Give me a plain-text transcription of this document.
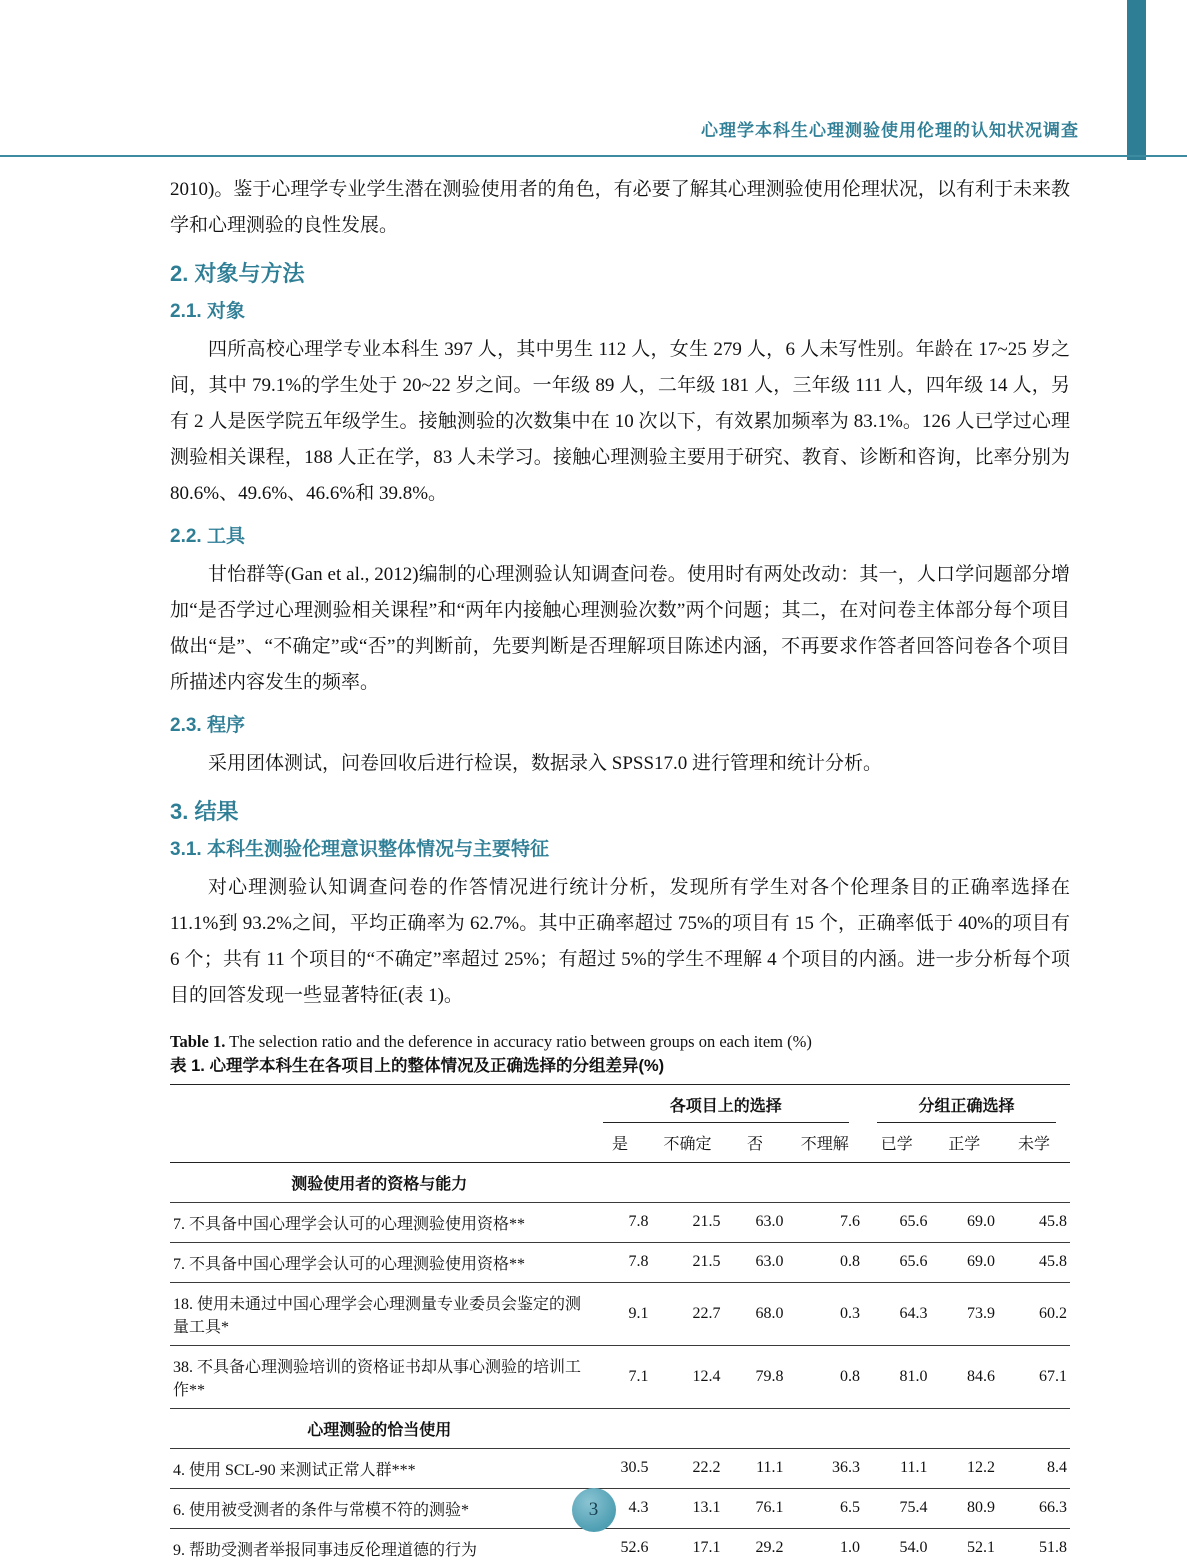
心理学本科生心理测验使用伦理的认知状况调查

2010)。鉴于心理学专业学生潜在测验使用者的角色，有必要了解其心理测验使用伦理状况，以有利于未来教学和心理测验的良性发展。

2. 对象与方法
2.1. 对象

四所高校心理学专业本科生 397 人，其中男生 112 人，女生 279 人，6 人未写性别。年龄在 17~25 岁之间，其中 79.1%的学生处于 20~22 岁之间。一年级 89 人，二年级 181 人，三年级 111 人，四年级 14 人，另有 2 人是医学院五年级学生。接触测验的次数集中在 10 次以下，有效累加频率为 83.1%。126 人已学过心理测验相关课程，188 人正在学，83 人未学习。接触心理测验主要用于研究、教育、诊断和咨询，比率分别为 80.6%、49.6%、46.6%和 39.8%。

2.2. 工具

甘怡群等(Gan et al., 2012)编制的心理测验认知调查问卷。使用时有两处改动：其一，人口学问题部分增加“是否学过心理测验相关课程”和“两年内接触心理测验次数”两个问题；其二，在对问卷主体部分每个项目做出“是”、“不确定”或“否”的判断前，先要判断是否理解项目陈述内涵，不再要求作答者回答问卷各个项目所描述内容发生的频率。

2.3. 程序

采用团体测试，问卷回收后进行检误，数据录入 SPSS17.0 进行管理和统计分析。

3. 结果
3.1. 本科生测验伦理意识整体情况与主要特征

对心理测验认知调查问卷的作答情况进行统计分析，发现所有学生对各个伦理条目的正确率选择在 11.1%到 93.2%之间，平均正确率为 62.7%。其中正确率超过 75%的项目有 15 个，正确率低于 40%的项目有 6 个；共有 11 个项目的“不确定”率超过 25%；有超过 5%的学生不理解 4 个项目的内涵。进一步分析每个项目的回答发现一些显著特征(表 1)。

Table 1. The selection ratio and the deference in accuracy ratio between groups on each item (%)
表 1. 心理学本科生在各项目上的整体情况及正确选择的分组差异(%)

	各项目上的选择				分组正确选择		

	是	不确定	否	不理解	已学	正学	未学
测验使用者的资格与能力							
7. 不具备中国心理学会认可的心理测验使用资格**	7.8	21.5	63.0	7.6	65.6	69.0	45.8
7. 不具备中国心理学会认可的心理测验使用资格**	7.8	21.5	63.0	0.8	65.6	69.0	45.8
18. 使用未通过中国心理学会心理测量专业委员会鉴定的测量工具*	9.1	22.7	68.0	0.3	64.3	73.9	60.2
38. 不具备心理测验培训的资格证书却从事心测验的培训工作**	7.1	12.4	79.8	0.8	81.0	84.6	67.1
心理测验的恰当使用							
4. 使用 SCL-90 来测试正常人群***	30.5	22.2	11.1	36.3	11.1	12.2	8.4
6. 使用被受测者的条件与常模不符的测验*	4.3	13.1	76.1	6.5	75.4	80.9	66.3
9. 帮助受测者举报同事违反伦理道德的行为	52.6	17.1	29.2	1.0	54.0	52.1	51.8
3
